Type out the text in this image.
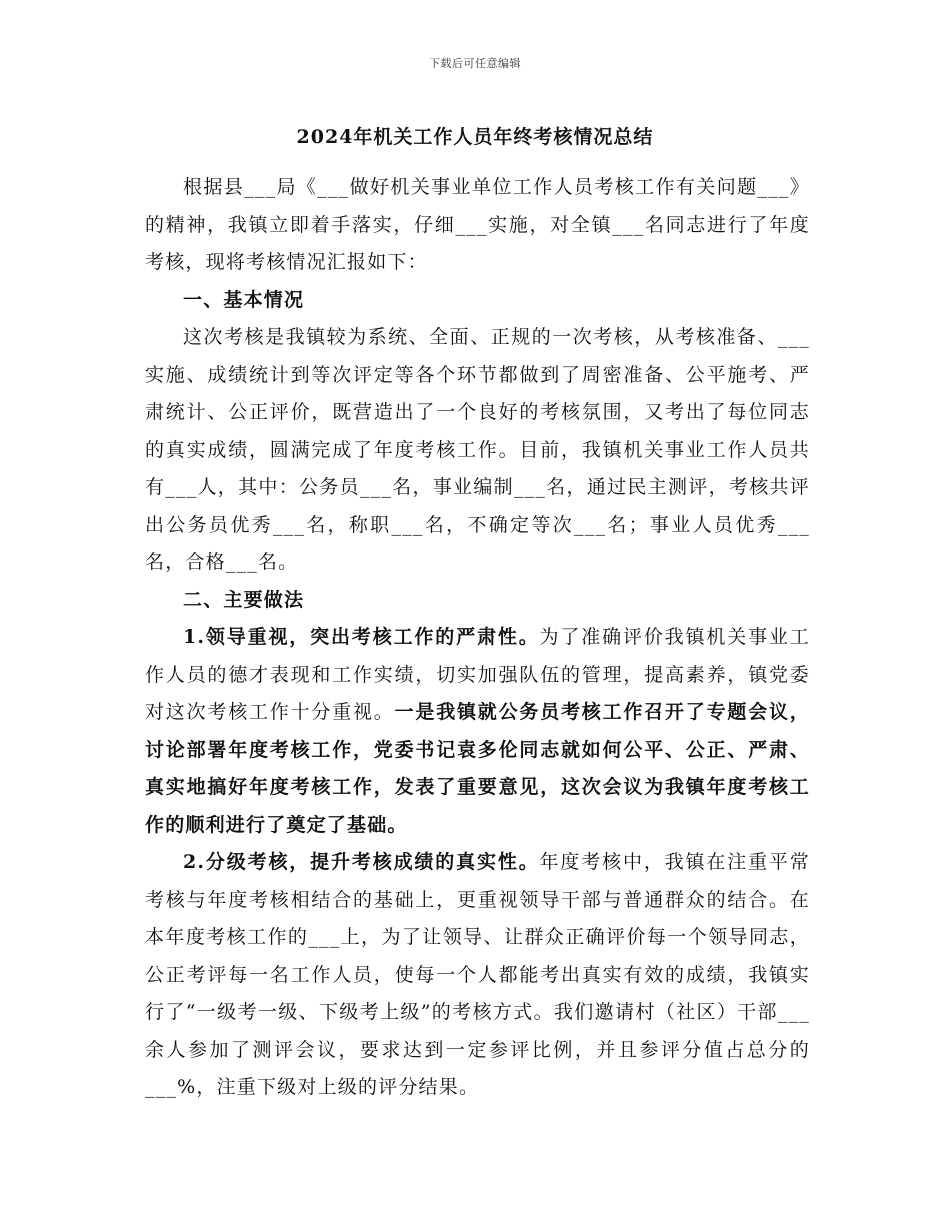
下载后可任意编辑
2024年机关工作人员年终考核情况总结

根据县___局《___做好机关事业单位工作人员考核工作有关问题___》的精神，我镇立即着手落实，仔细___实施，对全镇___名同志进行了年度考核，现将考核情况汇报如下：

一、基本情况

这次考核是我镇较为系统、全面、正规的一次考核，从考核准备、___实施、成绩统计到等次评定等各个环节都做到了周密准备、公平施考、严肃统计、公正评价，既营造出了一个良好的考核氛围，又考出了每位同志的真实成绩，圆满完成了年度考核工作。目前，我镇机关事业工作人员共有___人，其中：公务员___名，事业编制___名，通过民主测评，考核共评出公务员优秀___名，称职___名，不确定等次___名；事业人员优秀___名，合格___名。

二、主要做法

1.领导重视，突出考核工作的严肃性。为了准确评价我镇机关事业工作人员的德才表现和工作实绩，切实加强队伍的管理，提高素养，镇党委对这次考核工作十分重视。一是我镇就公务员考核工作召开了专题会议，讨论部署年度考核工作，党委书记袁多伦同志就如何公平、公正、严肃、真实地搞好年度考核工作，发表了重要意见，这次会议为我镇年度考核工作的顺利进行了奠定了基础。

2.分级考核，提升考核成绩的真实性。年度考核中，我镇在注重平常考核与年度考核相结合的基础上，更重视领导干部与普通群众的结合。在本年度考核工作的___上，为了让领导、让群众正确评价每一个领导同志，公正考评每一名工作人员，使每一个人都能考出真实有效的成绩，我镇实行了“一级考一级、下级考上级”的考核方式。我们邀请村（社区）干部___余人参加了测评会议，要求达到一定参评比例，并且参评分值占总分的___%，注重下级对上级的评分结果。
